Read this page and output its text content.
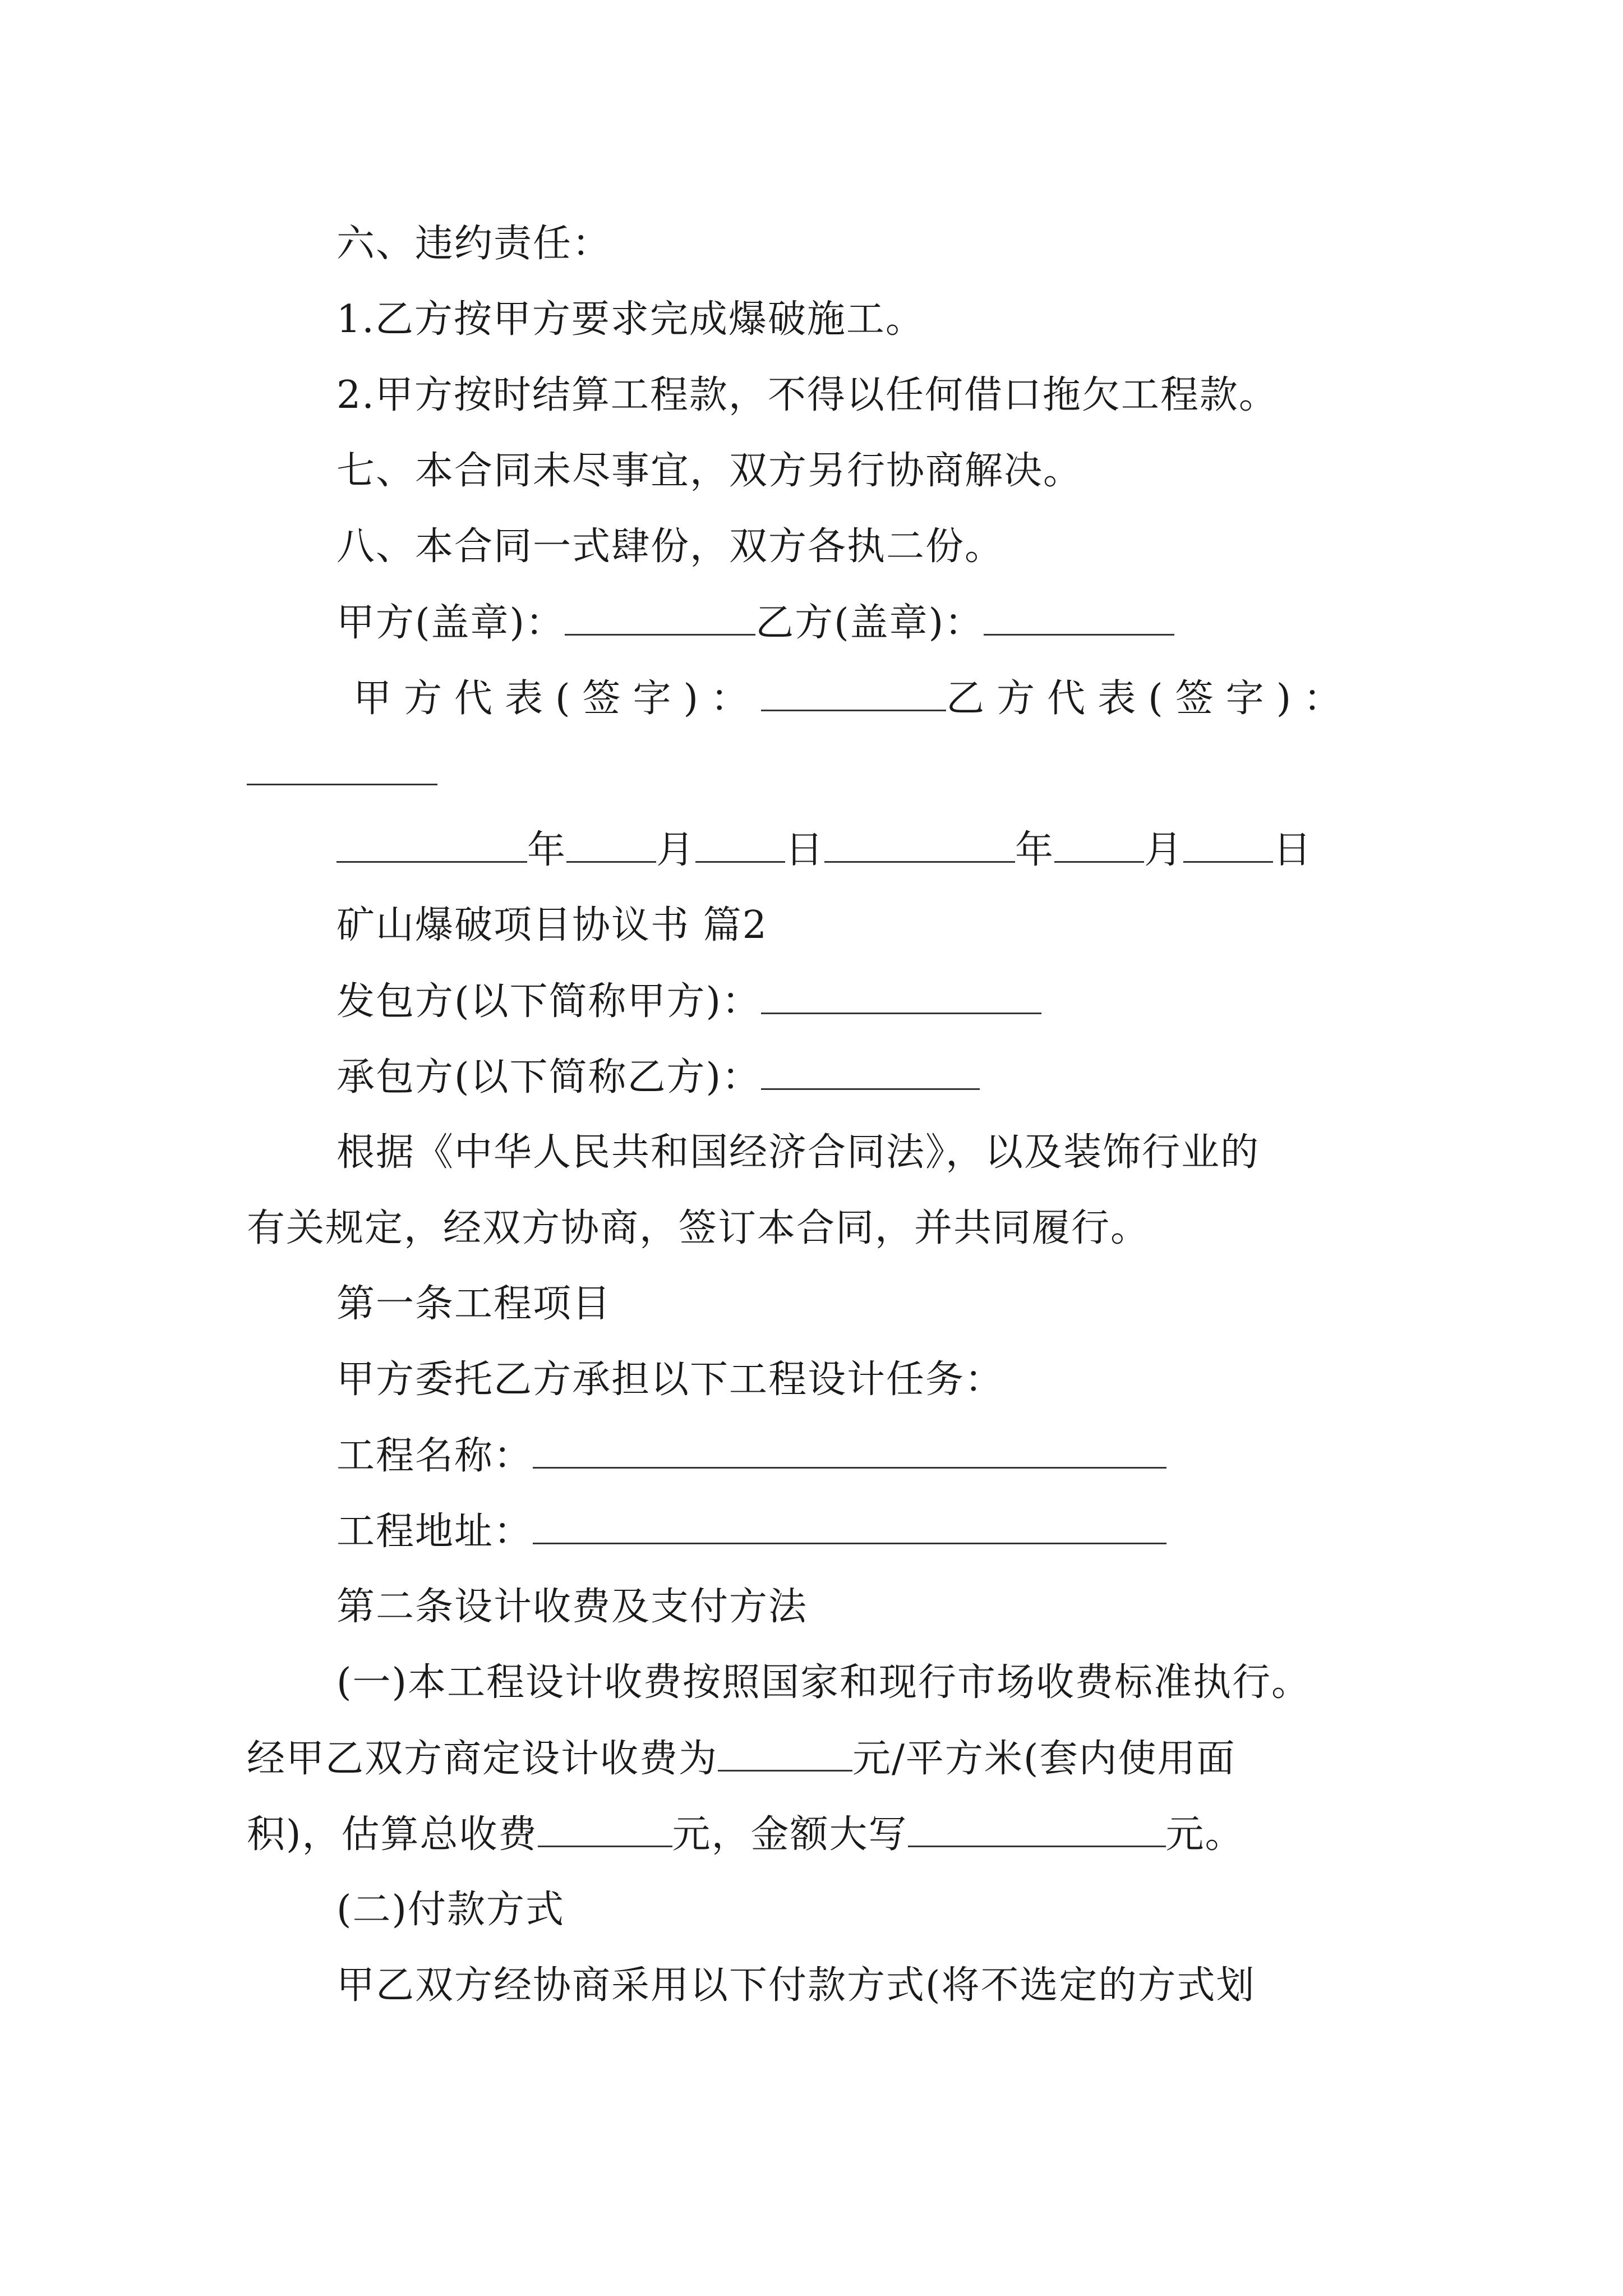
六、违约责任：
1.乙方按甲方要求完成爆破施工。
2.甲方按时结算工程款，不得以任何借口拖欠工程款。
七、本合同未尽事宜，双方另行协商解决。
八、本合同一式肆份，双方各执二份。
甲方(盖章)：	乙方(盖章)：
甲方代表(签字)：	乙方代表(签字)：
年 月 日	年 月 日
矿山爆破项目协议书 篇2
发包方(以下简称甲方)：
承包方(以下简称乙方)：
根据《中华人民共和国经济合同法》，以及装饰行业的
有关规定，经双方协商，签订本合同，并共同履行。
第一条工程项目
甲方委托乙方承担以下工程设计任务：
工程名称：
工程地址：
第二条设计收费及支付方法
(一)本工程设计收费按照国家和现行市场收费标准执行。
经甲乙双方商定设计收费为	元/平方米(套内使用面
积)，估算总收费	元，金额大写	元。
(二)付款方式
甲乙双方经协商采用以下付款方式(将不选定的方式划
